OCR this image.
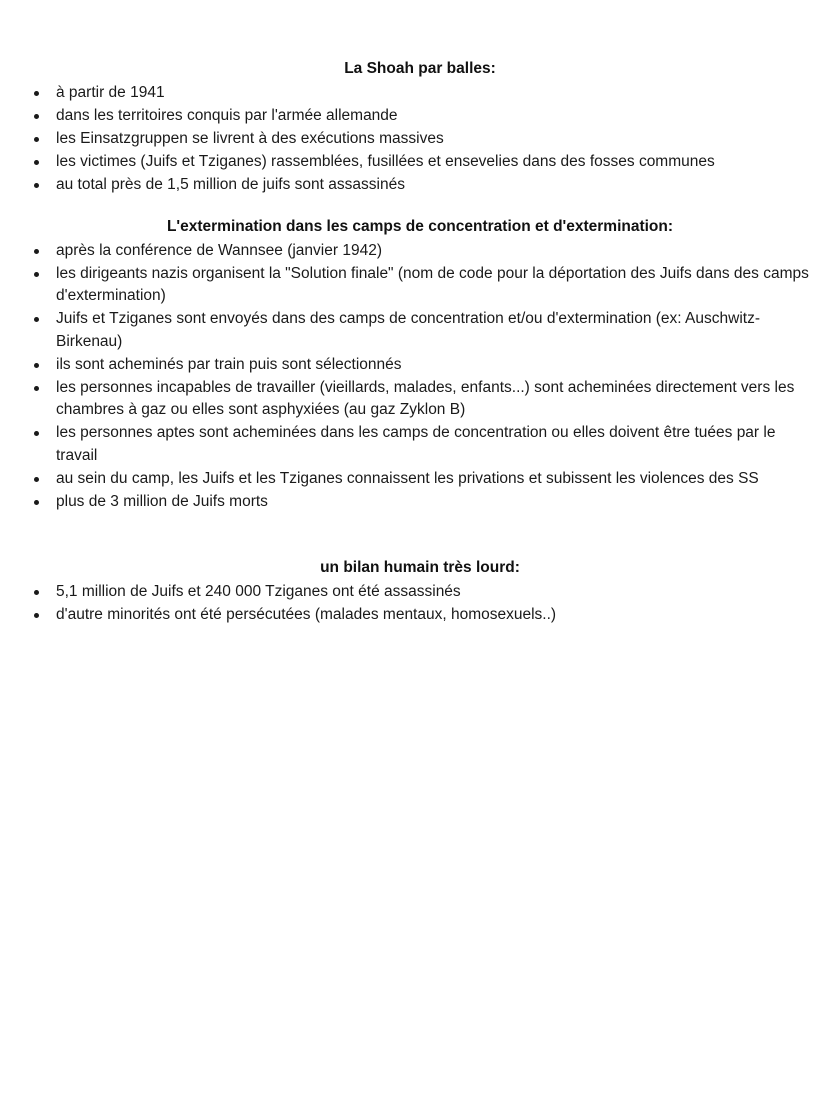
La Shoah par balles:
à partir de 1941
dans les territoires conquis par l'armée allemande
les Einsatzgruppen se livrent à des exécutions massives
les victimes (Juifs et Tziganes) rassemblées, fusillées et ensevelies dans des fosses communes
au total près de 1,5 million de juifs sont assassinés
L'extermination dans les camps de concentration et d'extermination:
après la conférence de Wannsee (janvier 1942)
les dirigeants nazis organisent la "Solution finale" (nom de code pour la déportation des Juifs dans des camps d'extermination)
Juifs et Tziganes sont envoyés dans des camps de concentration et/ou d'extermination (ex: Auschwitz-Birkenau)
ils sont acheminés par train puis sont sélectionnés
les personnes incapables de travailler (vieillards, malades, enfants...) sont acheminées directement vers les chambres à gaz ou elles sont asphyxiées (au gaz Zyklon B)
les personnes aptes sont acheminées dans les camps de concentration ou elles doivent être tuées par le travail
au sein du camp, les Juifs et les Tziganes connaissent les privations et subissent les violences des SS
plus de 3 million de Juifs morts
un bilan humain très lourd:
5,1 million de Juifs et 240 000 Tziganes ont été assassinés
d'autre minorités ont été persécutées (malades mentaux, homosexuels..)
